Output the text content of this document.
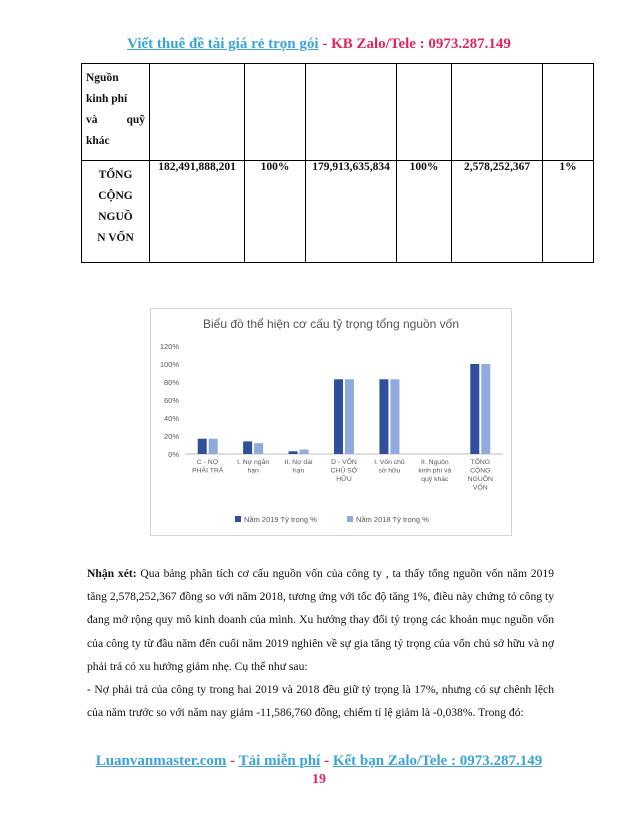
Viết thuê đề tài giá rẻ trọn gói - KB Zalo/Tele : 0973.287.149
Nguồn
kinh phí
và quỹ
khác						

TỔNG
CỘNG
NGUỒ
N VỐN	182,491,888,201	100%	179,913,635,834	100%	2,578,252,367	1%
Biểu đồ thể hiện cơ cấu tỷ trọng tổng nguồn vốn
0%
20%
40%
60%
80%
100%
120%
C - NỢ
PHẢI TRẢ
I. Nợ ngắn
hạn
II. Nợ dài
hạn
D - VỐN
CHỦ SỞ
HỮU
I. Vốn chủ
sở hữu
II. Nguồn
kinh phí và
quỹ khác
TỔNG
CỘNG
NGUỒN
VỐN
Năm 2019 Tỷ trọng %	Năm 2018 Tỷ trọng %

Nhận xét: Qua bảng phân tích cơ cấu nguồn vốn của công ty , ta thấy tổng nguồn vốn năm 2019 tăng 2,578,252,367 đồng so với năm 2018, tương ứng với tốc độ tăng 1%, điều này chứng tỏ công ty đang mở rộng quy mô kinh doanh của mình. Xu hướng thay đổi tỷ trọng các khoản mục nguồn vốn của công ty từ đầu năm đến cuối năm 2019 nghiên về sự gia tăng tỷ trọng của vốn chủ sở hữu và nợ phải trả có xu hướng giảm nhẹ. Cụ thể như sau:

- Nợ phải trả của công ty trong hai 2019 và 2018 đều giữ tỷ trọng là 17%, nhưng có sự chênh lệch của năm trước so với năm nay giảm -11,586,760 đồng, chiếm tỉ lệ giảm là -0,038%. Trong đó:

Luanvanmaster.com - Tải miễn phí - Kết bạn Zalo/Tele : 0973.287.149
19
